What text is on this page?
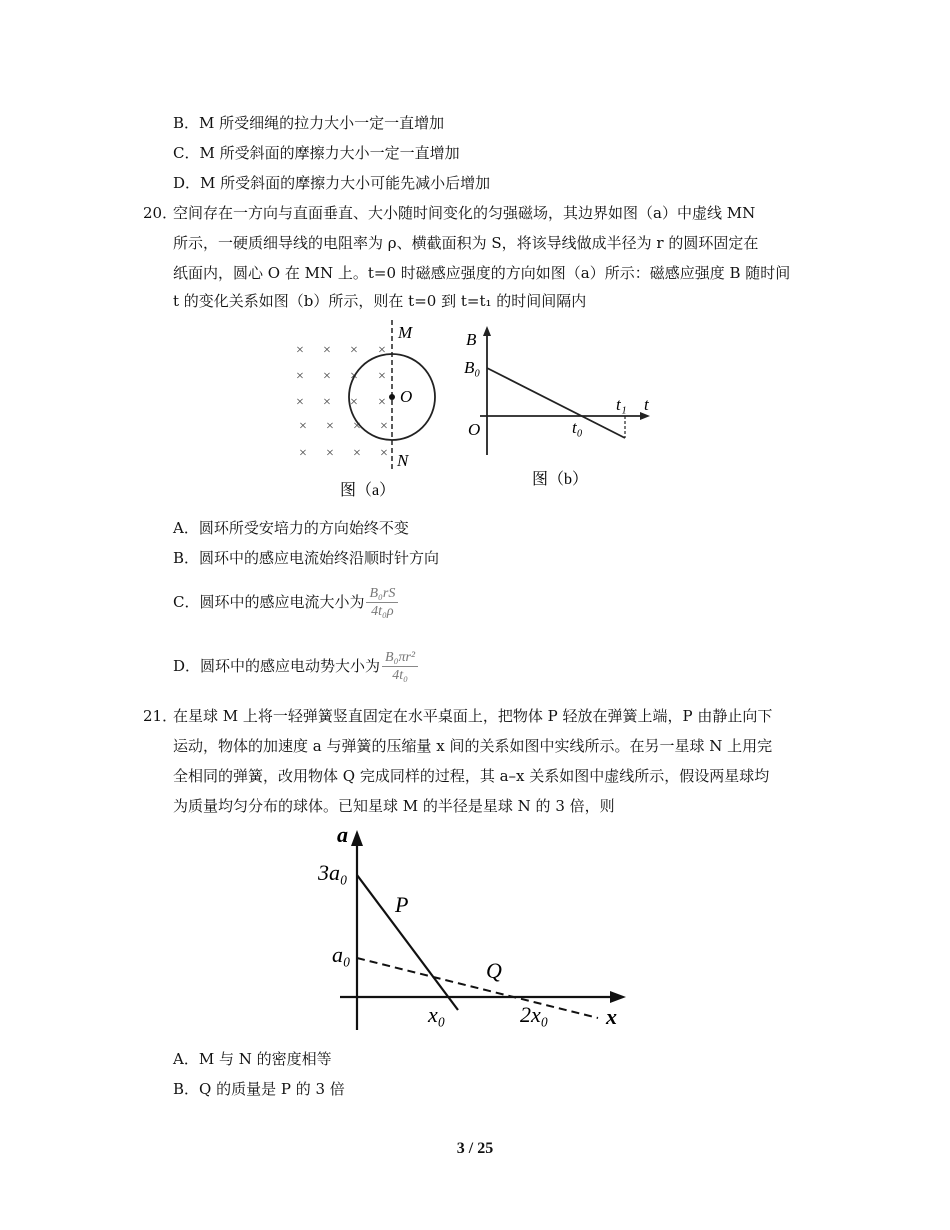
B．M 所受细绳的拉力大小一定一直增加
C．M 所受斜面的摩擦力大小一定一直增加
D．M 所受斜面的摩擦力大小可能先减小后增加
20．
空间存在一方向与直面垂直、大小随时间变化的匀强磁场，其边界如图（a）中虚线 MN
所示，一硬质细导线的电阻率为 ρ、横截面积为 S，将该导线做成半径为 r 的圆环固定在
纸面内，圆心 O 在 MN 上。t=0 时磁感应强度的方向如图（a）所示：磁感应强度 B 随时间
t 的变化关系如图（b）所示，则在 t=0 到 t=t₁ 的时间间隔内
× × × ×
× × × ×
× × × ×
× × × ×
× × × ×
M
O
N
图（a）
B
B₀
O	t₀
t₁ t
图（b）
a
3a₀
a₀
P
Q
x₀	2x₀	x
A．圆环所受安培力的方向始终不变
B．圆环中的感应电流始终沿顺时针方向
C．圆环中的感应电流大小为 $\frac{\text{B₀rS}}{\text{4t₀ρ}}$
D．圆环中的感应电动势大小为 $\frac{\text{B₀πr²}}{\text{4t₀}}$
21．
在星球 M 上将一轻弹簧竖直固定在水平桌面上，把物体 P 轻放在弹簧上端，P 由静止向下
运动，物体的加速度 a 与弹簧的压缩量 x 间的关系如图中实线所示。在另一星球 N 上用完
全相同的弹簧，改用物体 Q 完成同样的过程，其 a–x 关系如图中虚线所示，假设两星球均
为质量均匀分布的球体。已知星球 M 的半径是星球 N 的 3 倍，则
A．M 与 N 的密度相等
B．Q 的质量是 P 的 3 倍
3 / 25
